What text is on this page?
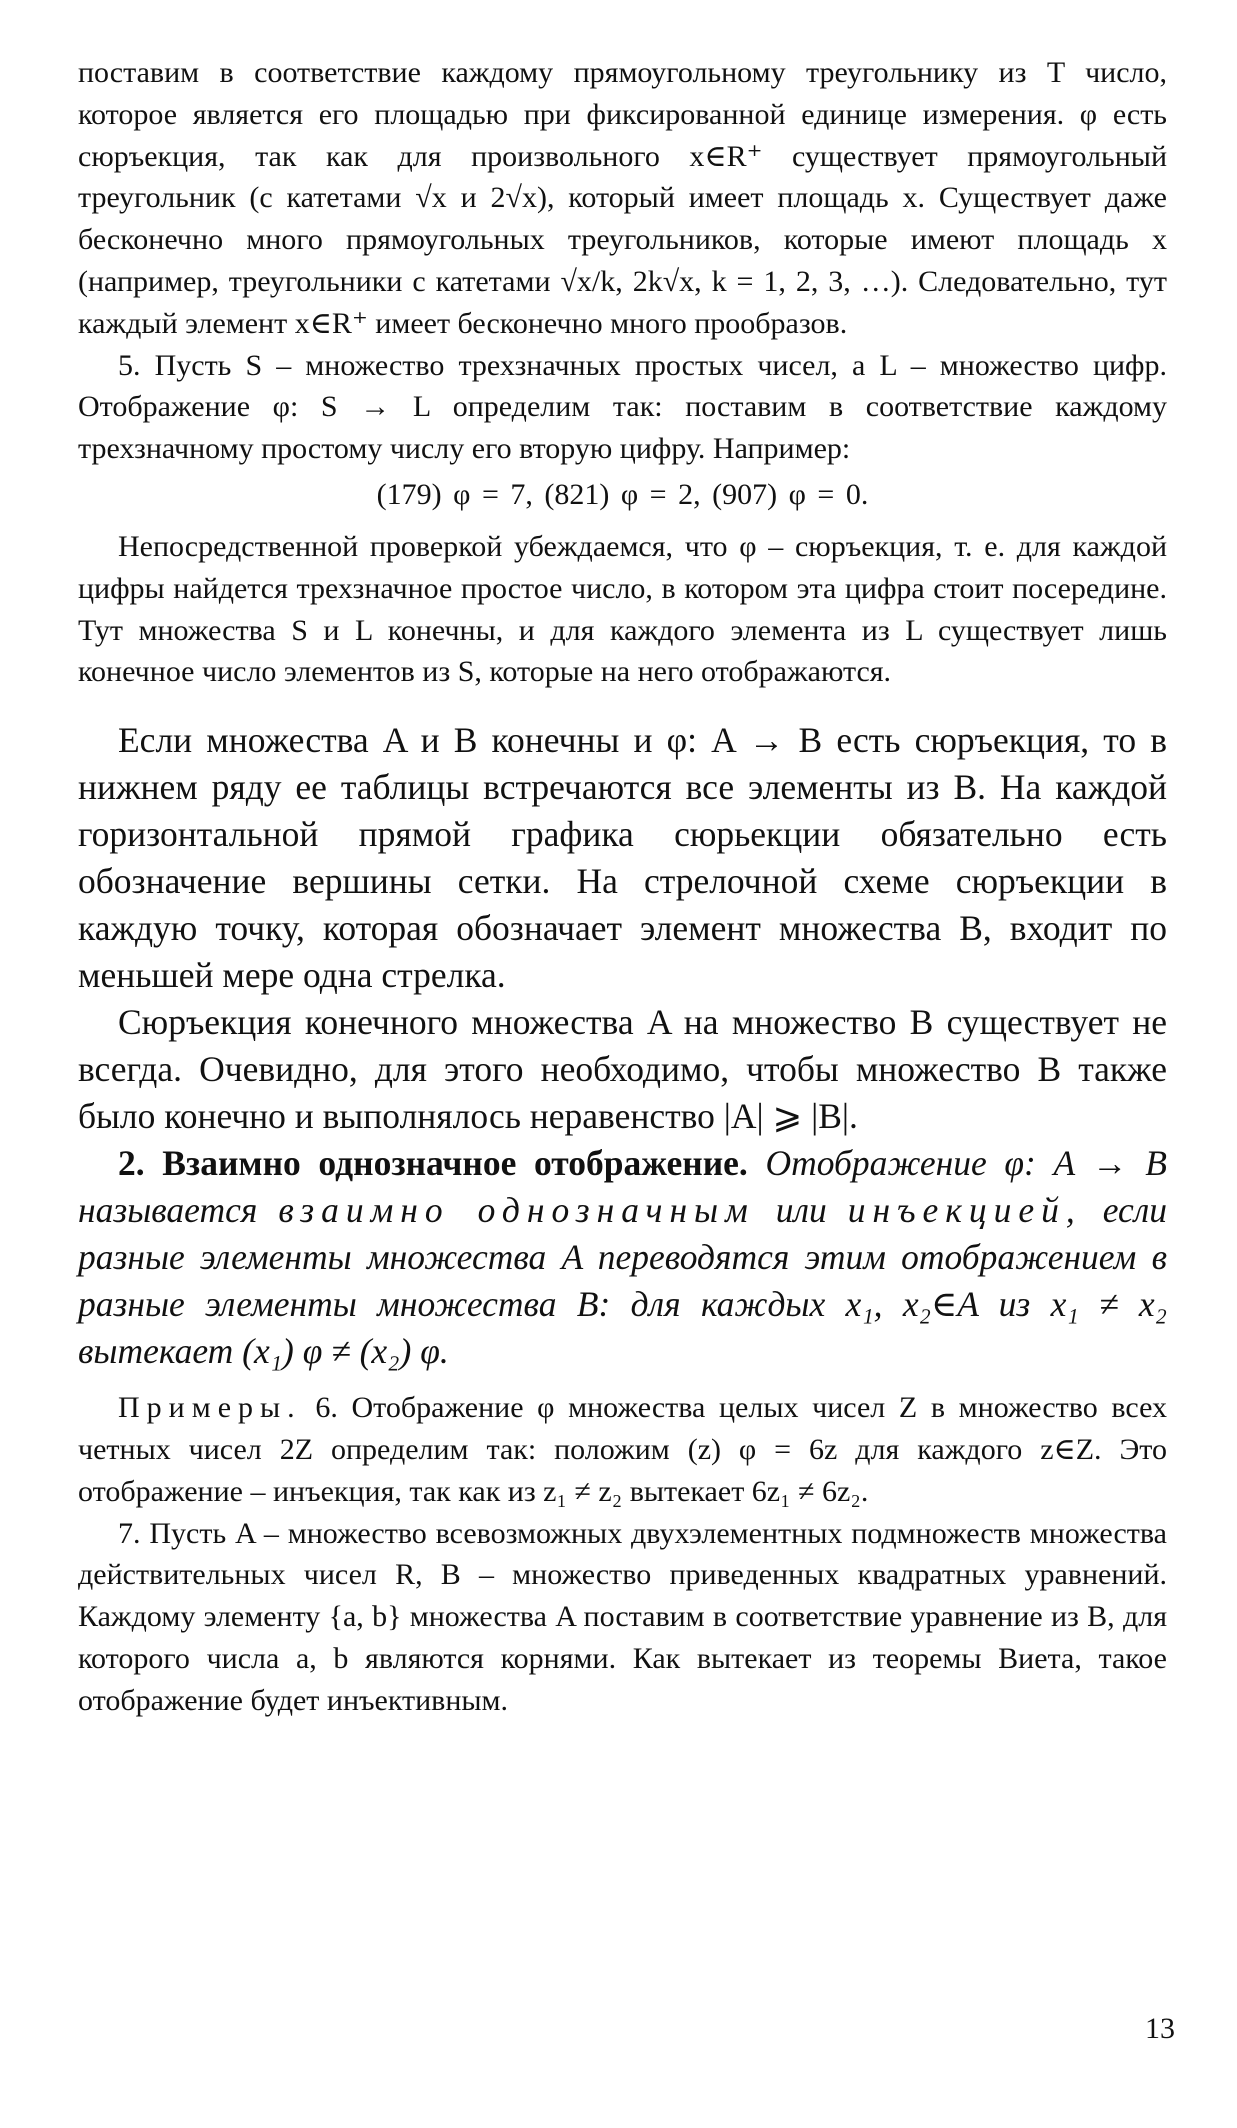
поставим в соответствие каждому прямоугольному треугольнику из T число, которое является его площадью при фиксированной единице измерения. φ есть сюръекция, так как для произвольного x∈R⁺ существует прямоугольный треугольник (с катетами √x и 2√x), который имеет площадь x. Существует даже бесконечно много прямоугольных треугольников, которые имеют площадь x (например, треугольники с катетами √x/k, 2k√x, k = 1, 2, 3, …). Следовательно, тут каждый элемент x∈R⁺ имеет бесконечно много прообразов.

5. Пусть S – множество трехзначных простых чисел, а L – множество цифр. Отображение φ: S → L определим так: поставим в соответствие каждому трехзначному простому числу его вторую цифру. Например:

(179) φ = 7, (821) φ = 2, (907) φ = 0.

Непосредственной проверкой убеждаемся, что φ – сюръекция, т. е. для каждой цифры найдется трехзначное простое число, в котором эта цифра стоит посередине. Тут множества S и L конечны, и для каждого элемента из L существует лишь конечное число элементов из S, которые на него отображаются.

Если множества A и B конечны и φ: A → B есть сюръекция, то в нижнем ряду ее таблицы встречаются все элементы из B. На каждой горизонтальной прямой графика сюрьекции обязательно есть обозначение вершины сетки. На стрелочной схеме сюръекции в каждую точку, которая обозначает элемент множества B, входит по меньшей мере одна стрелка.

Сюръекция конечного множества A на множество B существует не всегда. Очевидно, для этого необходимо, чтобы множество B также было конечно и выполнялось неравенство |A| ⩾ |B|.

2. Взаимно однозначное отображение. Отображение φ: A → B называется взаимно однозначным или инъекцией, если разные элементы множества A переводятся этим отображением в разные элементы множества B: для каждых x₁, x₂∈A из x₁ ≠ x₂ вытекает (x₁) φ ≠ (x₂) φ.

Примеры. 6. Отображение φ множества целых чисел Z в множество всех четных чисел 2Z определим так: положим (z) φ = 6z для каждого z∈Z. Это отображение – инъекция, так как из z₁ ≠ z₂ вытекает 6z₁ ≠ 6z₂.

7. Пусть A – множество всевозможных двухэлементных подмножеств множества действительных чисел R, B – множество приведенных квадратных уравнений. Каждому элементу {a, b} множества A поставим в соответствие уравнение из B, для которого числа a, b являются корнями. Как вытекает из теоремы Виета, такое отображение будет инъективным.

13
